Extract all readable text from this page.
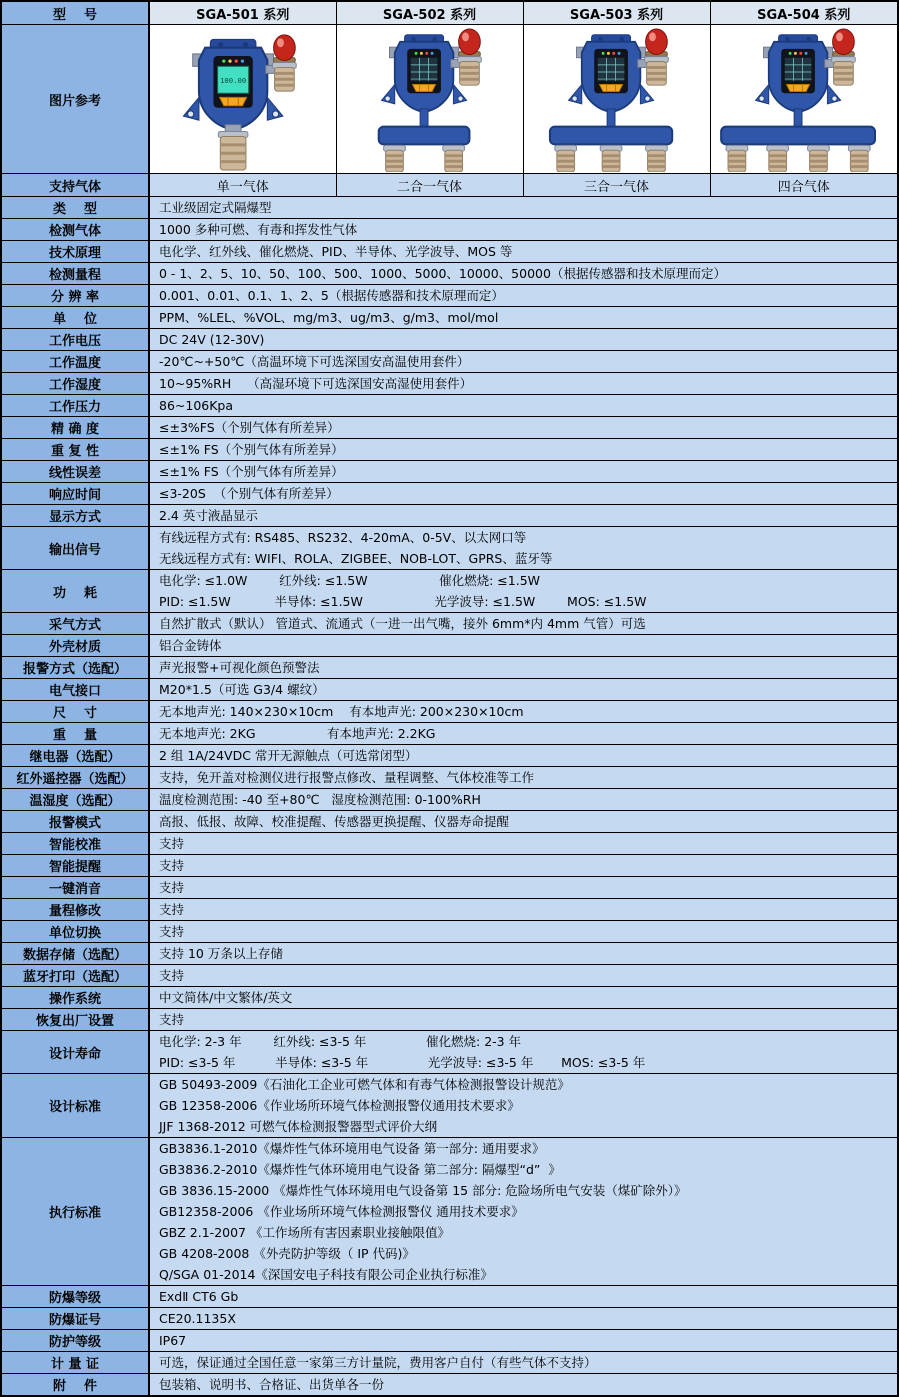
型    号	SGA-501 系列	SGA-502 系列	SGA-503 系列	SGA-504 系列
图片参考	100.00

支持气体	单一气体	二合一气体	三合一气体	四合气体
类    型	工业级固定式隔爆型			

检测气体	1000 多种可燃、有毒和挥发性气体			

技术原理	电化学、红外线、催化燃烧、PID、半导体、光学波导、MOS 等			

检测量程	0 - 1、2、5、10、50、100、500、1000、5000、10000、50000（根据传感器和技术原理而定）			

分 辨 率	0.001、0.01、0.1、1、2、5（根据传感器和技术原理而定）			

单    位	PPM、%LEL、%VOL、mg/m3、ug/m3、g/m3、mol/mol			

工作电压	DC 24V (12-30V)			

工作温度	-20℃~+50℃（高温环境下可选深国安高温使用套件）			

工作湿度	10~95%RH    （高湿环境下可选深国安高湿使用套件）			

工作压力	86~106Kpa			

精 确 度	≤±3%FS（个别气体有所差异）			

重 复 性	≤±1% FS（个别气体有所差异）			

线性误差	≤±1% FS（个别气体有所差异）			

响应时间	≤3-20S  （个别气体有所差异）			

显示方式	2.4 英寸液晶显示			

输出信号	有线远程方式有: RS485、RS232、4-20mA、0-5V、以太网口等
无线远程方式有: WIFI、ROLA、ZIGBEE、NOB-LOT、GPRS、蓝牙等			

功    耗	电化学: ≤1.0W        红外线: ≤1.5W                  催化燃烧: ≤1.5W
PID: ≤1.5W           半导体: ≤1.5W                  光学波导: ≤1.5W        MOS: ≤1.5W			

采气方式	自然扩散式（默认） 管道式、流通式（一进一出气嘴，接外 6mm*内 4mm 气管）可选			

外壳材质	铝合金铸体			

报警方式（选配）	声光报警+可视化颜色预警法			

电气接口	M20*1.5（可选 G3/4 螺纹）			

尺    寸	无本地声光: 140×230×10cm    有本地声光: 200×230×10cm			

重    量	无本地声光: 2KG                  有本地声光: 2.2KG			

继电器（选配）	2 组 1A/24VDC 常开无源触点（可选常闭型）			

红外遥控器（选配）	支持，免开盖对检测仪进行报警点修改、量程调整、气体校准等工作			

温湿度（选配）	温度检测范围: -40 至+80℃   湿度检测范围: 0-100%RH			

报警模式	高报、低报、故障、校准提醒、传感器更换提醒、仪器寿命提醒			

智能校准	支持			

智能提醒	支持			

一键消音	支持			

量程修改	支持			

单位切换	支持			

数据存储（选配）	支持 10 万条以上存储			

蓝牙打印（选配）	支持			

操作系统	中文简体/中文繁体/英文			

恢复出厂设置	支持			

设计寿命	电化学: 2-3 年        红外线: ≤3-5 年               催化燃烧: 2-3 年
PID: ≤3-5 年          半导体: ≤3-5 年               光学波导: ≤3-5 年       MOS: ≤3-5 年			

设计标准	GB 50493-2009《石油化工企业可燃气体和有毒气体检测报警设计规范》
GB 12358-2006《作业场所环境气体检测报警仪通用技术要求》
JJF 1368-2012 可燃气体检测报警器型式评价大纲			

执行标准	
GB3836.1-2010《爆炸性气体环境用电气设备 第一部分: 通用要求》
GB3836.2-2010《爆炸性气体环境用电气设备 第二部分: 隔爆型“d”  》
GB 3836.15-2000 《爆炸性气体环境用电气设备第 15 部分: 危险场所电气安装（煤矿除外）》
GB12358-2006 《作业场所环境气体检测报警仪 通用技术要求》
GBZ 2.1-2007 《工作场所有害因素职业接触限值》
GB 4208-2008 《外壳防护等级（ IP 代码)》
Q/SGA 01-2014《深国安电子科技有限公司企业执行标准》

防爆等级	ExdⅡ CT6 Gb			

防爆证号	CE20.1135X			

防护等级	IP67			

计 量 证	可选，保证通过全国任意一家第三方计量院，费用客户自付（有些气体不支持）			

附    件	包装箱、说明书、合格证、出货单各一份			
